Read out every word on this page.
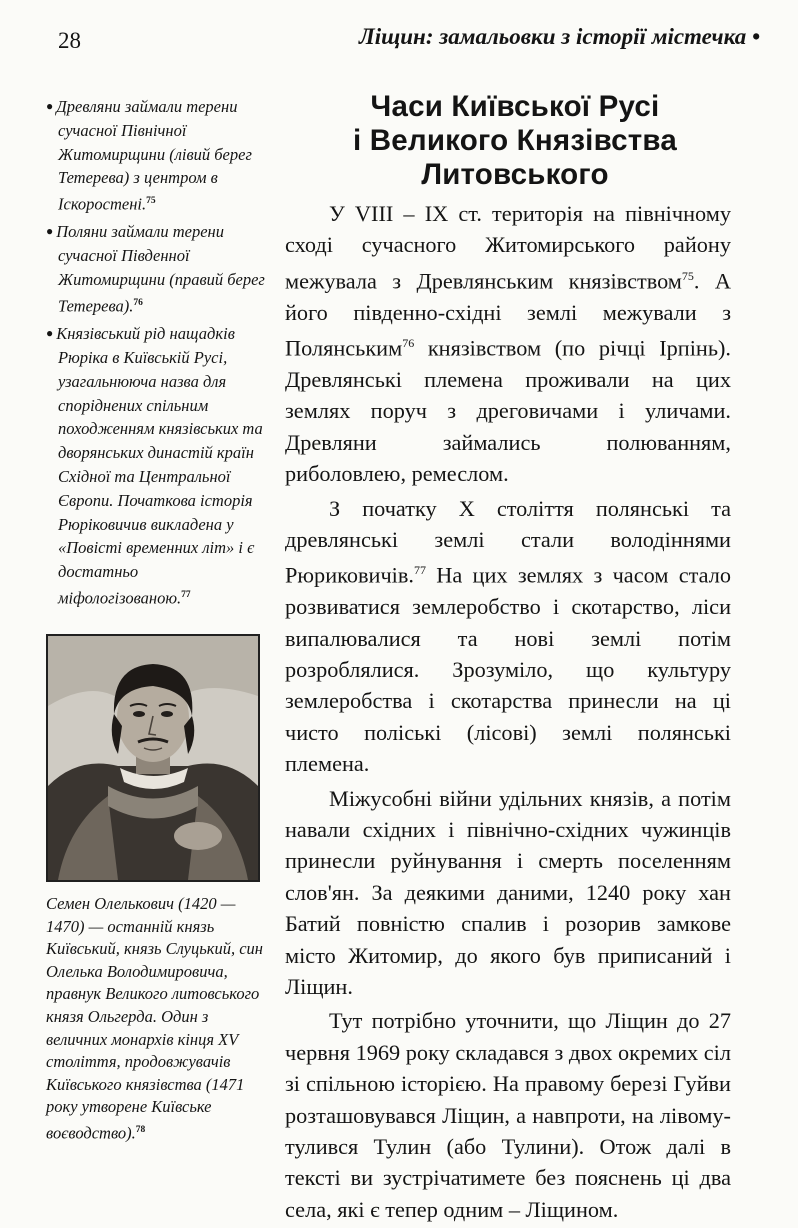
28	Ліщин: замальовки з історії містечка •
● Древляни займали терени сучасної Північної Житомирщини (лівий берег Тетерева) з центром в Іскоростені.$^{75}$
● Поляни займали терени сучасної Південної Житомирщини (правий берег Тетерева).$^{76}$
● Князівський рід нащадків Рюріка в Київській Русі, узагальнююча назва для споріднених спільним походженням князівських та дворянських династій країн Східної та Центральної Європи. Початкова історія Рюріковичив викладена у «Повісті временних літ» і є достатньо міфологізованою.$^{77}$
Семен Олелькович (1420 — 1470) — останній князь Київський, князь Слуцький, син Олелька Володимировича, правнук Великого литовського князя Ольгерда. Один з величних монархів кінця XV століття, продовжувачів Київського князівства (1471 року утворене Київське воєводство).$^{78}$
Часи Київської Русі
і Великого Князівства
Литовського

У VIII – IX ст. територія на північному сході сучасного Житомирського району межувала з Древлянським князівством$^{75}$. А його південно-східні землі межували з Полянським$^{76}$ князівством (по річці Ірпінь). Древлянські племена проживали на цих землях поруч з дреговичами і уличами. Древляни займались полюванням, риболовлею, ремеслом.

З початку Х століття полянські та древлянські землі стали володіннями Рюриковичів.$^{77}$ На цих землях з часом стало розвиватися землеробство і скотарство, ліси випалювалися та нові землі потім розроблялися. Зрозуміло, що культуру землеробства і скотарства принесли на ці чисто поліські (лісові) землі полянські племена.

Міжусобні війни удільних князів, а потім навали східних і північно-східних чужинців принесли руйнування і смерть поселенням слов'ян. За деякими даними, 1240 року хан Батий повністю спалив і розорив замкове місто Житомир, до якого був приписаний і Ліщин.

Тут потрібно уточнити, що Ліщин до 27 червня 1969 року складався з двох окремих сіл зі спільною історією. На правому березі Гуйви розташовувався Ліщин, а навпроти, на лівому- тулився Тулин (або Тулини). Отож далі в тексті ви зустрічатимете без пояснень ці два села, які є тепер одним – Ліщином.
